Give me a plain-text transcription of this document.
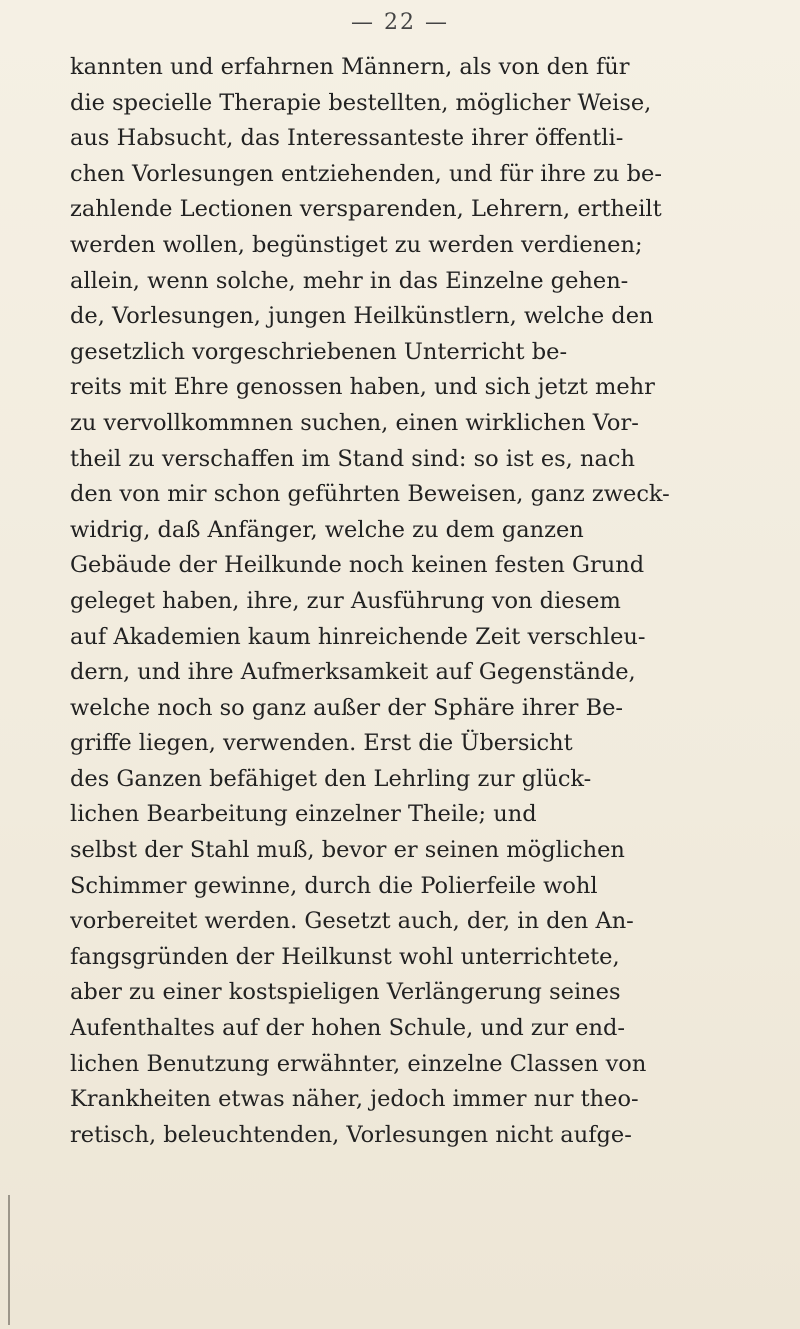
— 22 —
kannten und erfahrnen Männern, als von den für
die specielle Therapie bestellten, möglicher Weise,
aus Habsucht, das Interessanteste ihrer öffentli-
chen Vorlesungen entziehenden, und für ihre zu be-
zahlende Lectionen versparenden, Lehrern, ertheilt
werden wollen, begünstiget zu werden verdienen;
allein, wenn solche, mehr in das Einzelne gehen-
de, Vorlesungen, jungen Heilkünstlern, welche den
gesetzlich vorgeschriebenen Unterricht be-
reits mit Ehre genossen haben, und sich jetzt mehr
zu vervollkommnen suchen, einen wirklichen Vor-
theil zu verschaffen im Stand sind: so ist es, nach
den von mir schon geführten Beweisen, ganz zweck-
widrig, daß Anfänger, welche zu dem ganzen
Gebäude der Heilkunde noch keinen festen Grund
geleget haben, ihre, zur Ausführung von diesem
auf Akademien kaum hinreichende Zeit verschleu-
dern, und ihre Aufmerksamkeit auf Gegenstände,
welche noch so ganz außer der Sphäre ihrer Be-
griffe liegen, verwenden. Erst die Übersicht
des Ganzen befähiget den Lehrling zur glück-
lichen Bearbeitung einzelner Theile; und
selbst der Stahl muß, bevor er seinen möglichen
Schimmer gewinne, durch die Polierfeile wohl
vorbereitet werden. Gesetzt auch, der, in den An-
fangsgründen der Heilkunst wohl unterrichtete,
aber zu einer kostspieligen Verlängerung seines
Aufenthaltes auf der hohen Schule, und zur end-
lichen Benutzung erwähnter, einzelne Classen von
Krankheiten etwas näher, jedoch immer nur theo-
retisch, beleuchtenden, Vorlesungen nicht aufge-
